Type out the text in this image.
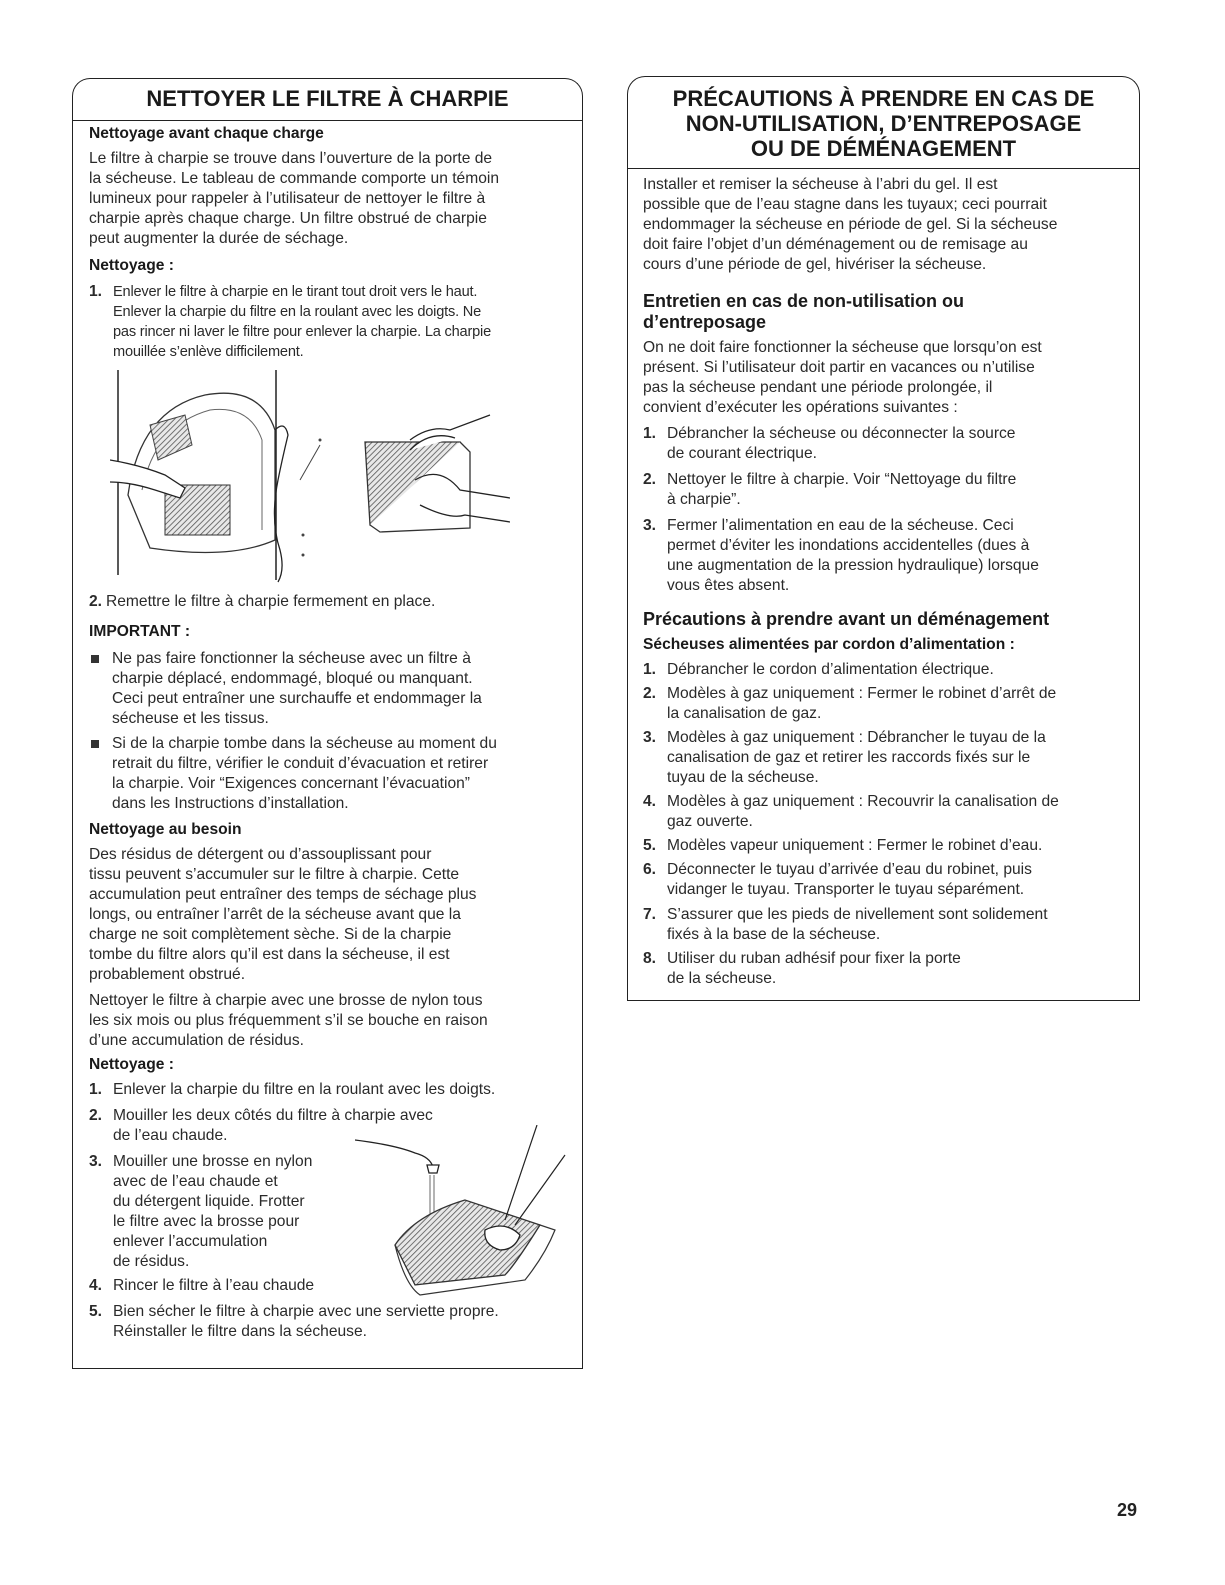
NETTOYER LE FILTRE À CHARPIE
Nettoyage avant chaque charge
Le filtre à charpie se trouve dans l’ouverture de la porte de
la sécheuse. Le tableau de commande comporte un témoin
lumineux pour rappeler à l’utilisateur de nettoyer le filtre à
charpie après chaque charge. Un filtre obstrué de charpie
peut augmenter la durée de séchage.
Nettoyage :
1. Enlever le filtre à charpie en le tirant tout droit vers le haut.
Enlever la charpie du filtre en la roulant avec les doigts. Ne
pas rincer ni laver le filtre pour enlever la charpie. La charpie
mouillée s’enlève difficilement.
2. Remettre le filtre à charpie fermement en place.
IMPORTANT :
Ne pas faire fonctionner la sécheuse avec un filtre à
charpie déplacé, endommagé, bloqué ou manquant.
Ceci peut entraîner une surchauffe et endommager la
sécheuse et les tissus.
Si de la charpie tombe dans la sécheuse au moment du
retrait du filtre, vérifier le conduit d’évacuation et retirer
la charpie. Voir “Exigences concernant l’évacuation”
dans les Instructions d’installation.
Nettoyage au besoin
Des résidus de détergent ou d’assouplissant pour
tissu peuvent s’accumuler sur le filtre à charpie. Cette
accumulation peut entraîner des temps de séchage plus
longs, ou entraîner l’arrêt de la sécheuse avant que la
charge ne soit complètement sèche. Si de la charpie
tombe du filtre alors qu’il est dans la sécheuse, il est
probablement obstrué.
Nettoyer le filtre à charpie avec une brosse de nylon tous
les six mois ou plus fréquemment s’il se bouche en raison
d’une accumulation de résidus.
Nettoyage :
1. Enlever la charpie du filtre en la roulant avec les doigts.
2. Mouiller les deux côtés du filtre à charpie avec
de l’eau chaude.
3. Mouiller une brosse en nylon
avec de l’eau chaude et
du détergent liquide. Frotter
le filtre avec la brosse pour
enlever l’accumulation
de résidus.
4. Rincer le filtre à l’eau chaude
5. Bien sécher le filtre à charpie avec une serviette propre.
Réinstaller le filtre dans la sécheuse.
PRÉCAUTIONS À PRENDRE EN CAS DE
NON-UTILISATION, D’ENTREPOSAGE
OU DE DÉMÉNAGEMENT
Installer et remiser la sécheuse à l’abri du gel. Il est
possible que de l’eau stagne dans les tuyaux; ceci pourrait
endommager la sécheuse en période de gel. Si la sécheuse
doit faire l’objet d’un déménagement ou de remisage au
cours d’une période de gel, hivériser la sécheuse.
Entretien en cas de non-utilisation ou
d’entreposage
On ne doit faire fonctionner la sécheuse que lorsqu’on est
présent. Si l’utilisateur doit partir en vacances ou n’utilise
pas la sécheuse pendant une période prolongée, il
convient d’exécuter les opérations suivantes :
1. Débrancher la sécheuse ou déconnecter la source
de courant électrique.
2. Nettoyer le filtre à charpie. Voir “Nettoyage du filtre
à charpie”.
3. Fermer l’alimentation en eau de la sécheuse. Ceci
permet d’éviter les inondations accidentelles (dues à
une augmentation de la pression hydraulique) lorsque
vous êtes absent.
Précautions à prendre avant un déménagement
Sécheuses alimentées par cordon d’alimentation :
1. Débrancher le cordon d’alimentation électrique.
2. Modèles à gaz uniquement : Fermer le robinet d’arrêt de
la canalisation de gaz.
3. Modèles à gaz uniquement : Débrancher le tuyau de la
canalisation de gaz et retirer les raccords fixés sur le
tuyau de la sécheuse.
4. Modèles à gaz uniquement : Recouvrir la canalisation de
gaz ouverte.
5. Modèles vapeur uniquement : Fermer le robinet d’eau.
6. Déconnecter le tuyau d’arrivée d’eau du robinet, puis
vidanger le tuyau. Transporter le tuyau séparément.
7. S’assurer que les pieds de nivellement sont solidement
fixés à la base de la sécheuse.
8. Utiliser du ruban adhésif pour fixer la porte
de la sécheuse.
29
